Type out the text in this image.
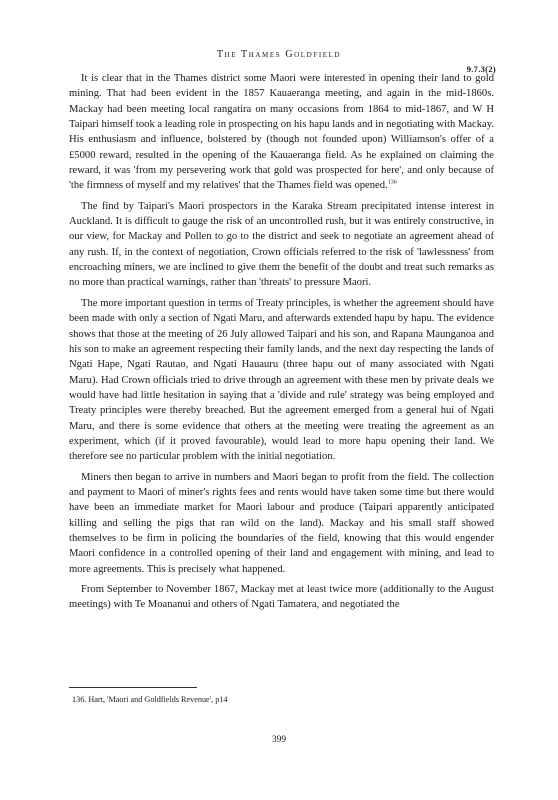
The Thames Goldfield
9.7.3(2)

It is clear that in the Thames district some Maori were interested in opening their land to gold mining. That had been evident in the 1857 Kauaeranga meeting, and again in the mid-1860s. Mackay had been meeting local rangatira on many occasions from 1864 to mid-1867, and W H Taipari himself took a leading role in prospecting on his hapu lands and in negotiating with Mackay. His enthusiasm and influence, bolstered by (though not founded upon) Williamson's offer of a £5000 reward, resulted in the opening of the Kauaeranga field. As he explained on claiming the reward, it was 'from my persevering work that gold was prospected for here', and only because of 'the firmness of myself and my relatives' that the Thames field was opened.$^{136}$

The find by Taipari's Maori prospectors in the Karaka Stream precipitated intense interest in Auckland. It is difficult to gauge the risk of an uncontrolled rush, but it was entirely constructive, in our view, for Mackay and Pollen to go to the district and seek to negotiate an agreement ahead of any rush. If, in the context of negotiation, Crown officials referred to the risk of 'lawlessness' from encroaching miners, we are inclined to give them the benefit of the doubt and treat such remarks as no more than practical warnings, rather than 'threats' to pressure Maori.

The more important question in terms of Treaty principles, is whether the agreement should have been made with only a section of Ngati Maru, and afterwards extended hapu by hapu. The evidence shows that those at the meeting of 26 July allowed Taipari and his son, and Rapana Maunganoa and his son to make an agreement respecting their family lands, and the next day respecting the lands of Ngati Hape, Ngati Rautao, and Ngati Hauauru (three hapu out of many associated with Ngati Maru). Had Crown officials tried to drive through an agreement with these men by private deals we would have had little hesitation in saying that a 'divide and rule' strategy was being employed and Treaty principles were thereby breached. But the agreement emerged from a general hui of Ngati Maru, and there is some evidence that others at the meeting were treating the agreement as an experiment, which (if it proved favourable), would lead to more hapu opening their land. We therefore see no particular problem with the initial negotiation.

Miners then began to arrive in numbers and Maori began to profit from the field. The collection and payment to Maori of miner's rights fees and rents would have taken some time but there would have been an immediate market for Maori labour and produce (Taipari apparently anticipated killing and selling the pigs that ran wild on the land). Mackay and his small staff showed themselves to be firm in policing the boundaries of the field, knowing that this would engender Maori confidence in a controlled opening of their land and engagement with mining, and lead to more agreements. This is precisely what happened.

From September to November 1867, Mackay met at least twice more (additionally to the August meetings) with Te Moananui and others of Ngati Tamatera, and negotiated the

136. Hart, 'Maori and Goldfields Revenue', p14
399
